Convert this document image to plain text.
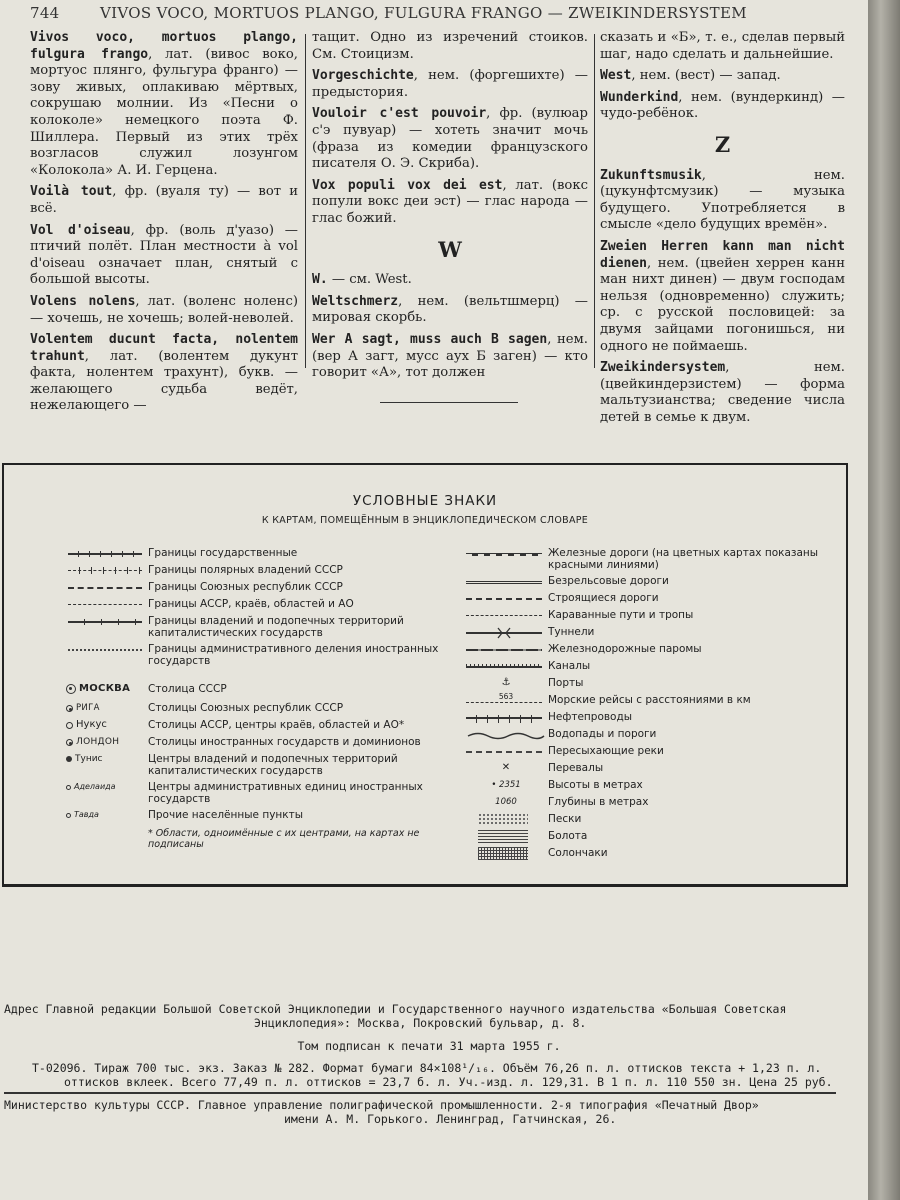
744	VIVOS VOCO, MORTUOS PLANGO, FULGURA FRANGO — ZWEIKINDERSYSTEM
Vivos voco, mortuos plango, fulgura frango, лат. (вивос воко, мортуос плянго, фульгура франго) — зову живых, оплакиваю мёртвых, сокрушаю молнии. Из «Песни о колоколе» немецкого поэта Ф. Шиллера. Первый из этих трёх возгласов служил лозунгом «Колокола» А. И. Герцена.
Voilà tout, фр. (вуаля ту) — вот и всё.
Vol d'oiseau, фр. (воль д'уазо) — птичий полёт. План местности à vol d'oiseau означает план, снятый с большой высоты.
Volens nolens, лат. (воленс ноленс) — хочешь, не хочешь; волей-неволей.
Volentem ducunt facta, nolentem trahunt, лат. (волентем дукунт факта, нолентем трахунт), букв. — желающего судьба ведёт, нежелающего —
тащит. Одно из изречений стоиков. См. Стоицизм.
Vorgeschichte, нем. (форгешихте) — предыстория.
Vouloir c'est pouvoir, фр. (вулюар с'э пувуар) — хотеть значит мочь (фраза из комедии французского писателя О. Э. Скриба).
Vox populi vox dei est, лат. (вокс попули вокс деи эст) — глас народа — глас божий.
W
W. — см. West.
Weltschmerz, нем. (вельтшмерц) — мировая скорбь.
Wer A sagt, muss auch B sagen, нем. (вер А загт, мусс аух Б заген) — кто говорит «А», тот должен
сказать и «Б», т. е., сделав первый шаг, надо сделать и дальнейшие.
West, нем. (вест) — запад.
Wunderkind, нем. (вундеркинд) — чудо-ребёнок.
Z
Zukunftsmusik, нем. (цукунфтсмузик) — музыка будущего. Употребляется в смысле «дело будущих времён».
Zweien Herren kann man nicht dienen, нем. (цвейен херрен канн ман нихт динен) — двум господам нельзя (одновременно) служить; ср. с русской пословицей: за двумя зайцами погонишься, ни одного не поймаешь.
Zweikindersystem, нем. (цвейкиндерзистем) — форма мальтузианства; сведение числа детей в семье к двум.
УСЛОВНЫЕ ЗНАКИ
К КАРТАМ, ПОМЕЩЁННЫМ В ЭНЦИКЛОПЕДИЧЕСКОМ СЛОВАРЕ
Границы государственные
Границы полярных владений СССР
Границы Союзных республик СССР
Границы АССР, краёв, областей и АО
Границы владений и подопечных территорий капиталистических государств
Границы административного деления иностранных государств
МОСКВА Столица СССР
РИГА	Столицы Союзных республик СССР
Нукус	Столицы АССР, центры краёв, областей и АО*
ЛОНДОН	Столицы иностранных государств и доминионов
Тунис	Центры владений и подопечных территорий капиталистических государств
Аделаида	Центры административных единиц иностранных государств
Тавда	Прочие населённые пункты
* Области, одноимённые с их центрами, на картах не подписаны
Железные дороги (на цветных картах показаны красными линиями)
Безрельсовые дороги
Строящиеся дороги
Караванные пути и тропы
Туннели
Железнодорожные паромы
Каналы
⚓	Порты
563	Морские рейсы с расстояниями в км
Нефтепроводы
Водопады и пороги
Пересыхающие реки
✕	Перевалы
• 2351	Высоты в метрах
1060	Глубины в метрах
Пески
Болота
Солончаки
Адрес Главной редакции Большой Советской Энциклопедии и Государственного научного издательства «Большая Советская
Энциклопедия»: Москва, Покровский бульвар, д. 8.
Том подписан к печати 31 марта 1955 г.
Т-02096. Тираж 700 тыс. экз. Заказ № 282. Формат бумаги 84×108¹/₁₆. Объём 76,26 п. л. оттисков текста + 1,23 п. л.
оттисков вклеек. Всего 77,49 п. л. оттисков = 23,7 б. л. Уч.-изд. л. 129,31. В 1 п. л. 110 550 зн. Цена 25 руб.
Министерство культуры СССР. Главное управление полиграфической промышленности. 2-я типография «Печатный Двор»
имени А. М. Горького. Ленинград, Гатчинская, 26.
